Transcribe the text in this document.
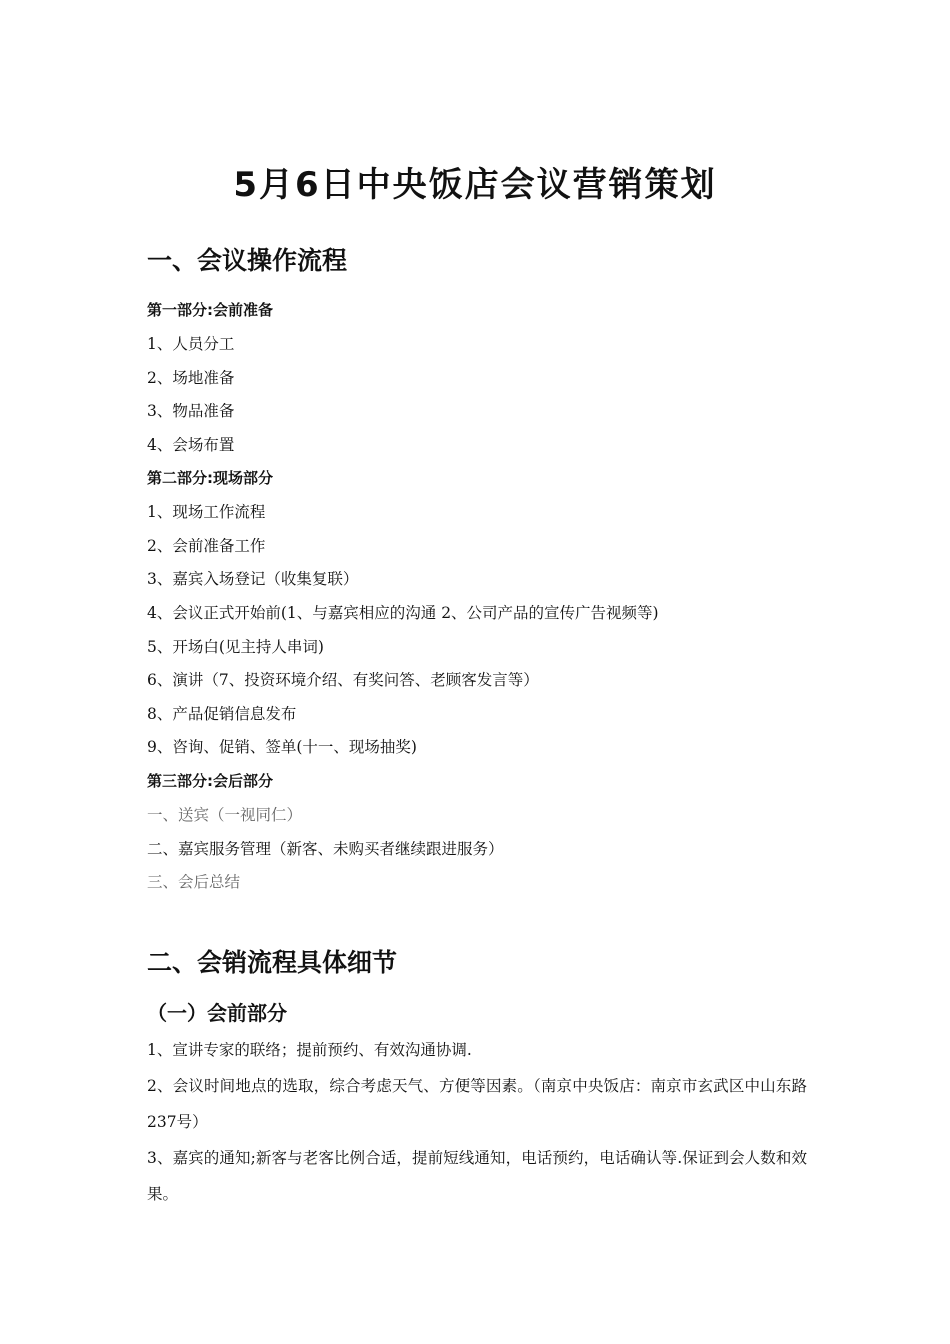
5月6日中央饭店会议营销策划
一、会议操作流程
第一部分:会前准备
1、人员分工
2、场地准备
3、物品准备
4、会场布置
第二部分:现场部分
1、现场工作流程
2、会前准备工作
3、嘉宾入场登记（收集复联）
4、会议正式开始前(1、与嘉宾相应的沟通 2、公司产品的宣传广告视频等)
5、开场白(见主持人串词)
6、演讲（7、投资环境介绍、有奖问答、老顾客发言等）
8、产品促销信息发布
9、咨询、促销、签单(十一、现场抽奖)
第三部分:会后部分
一、送宾（一视同仁）
二、嘉宾服务管理（新客、未购买者继续跟进服务）
三、会后总结
二、会销流程具体细节
（一）会前部分

1、宣讲专家的联络；提前预约、有效沟通协调.

2、会议时间地点的选取，综合考虑天气、方便等因素。（南京中央饭店：南京市玄武区中山东路237号）

3、嘉宾的通知;新客与老客比例合适，提前短线通知，电话预约，电话确认等.保证到会人数和效果。
